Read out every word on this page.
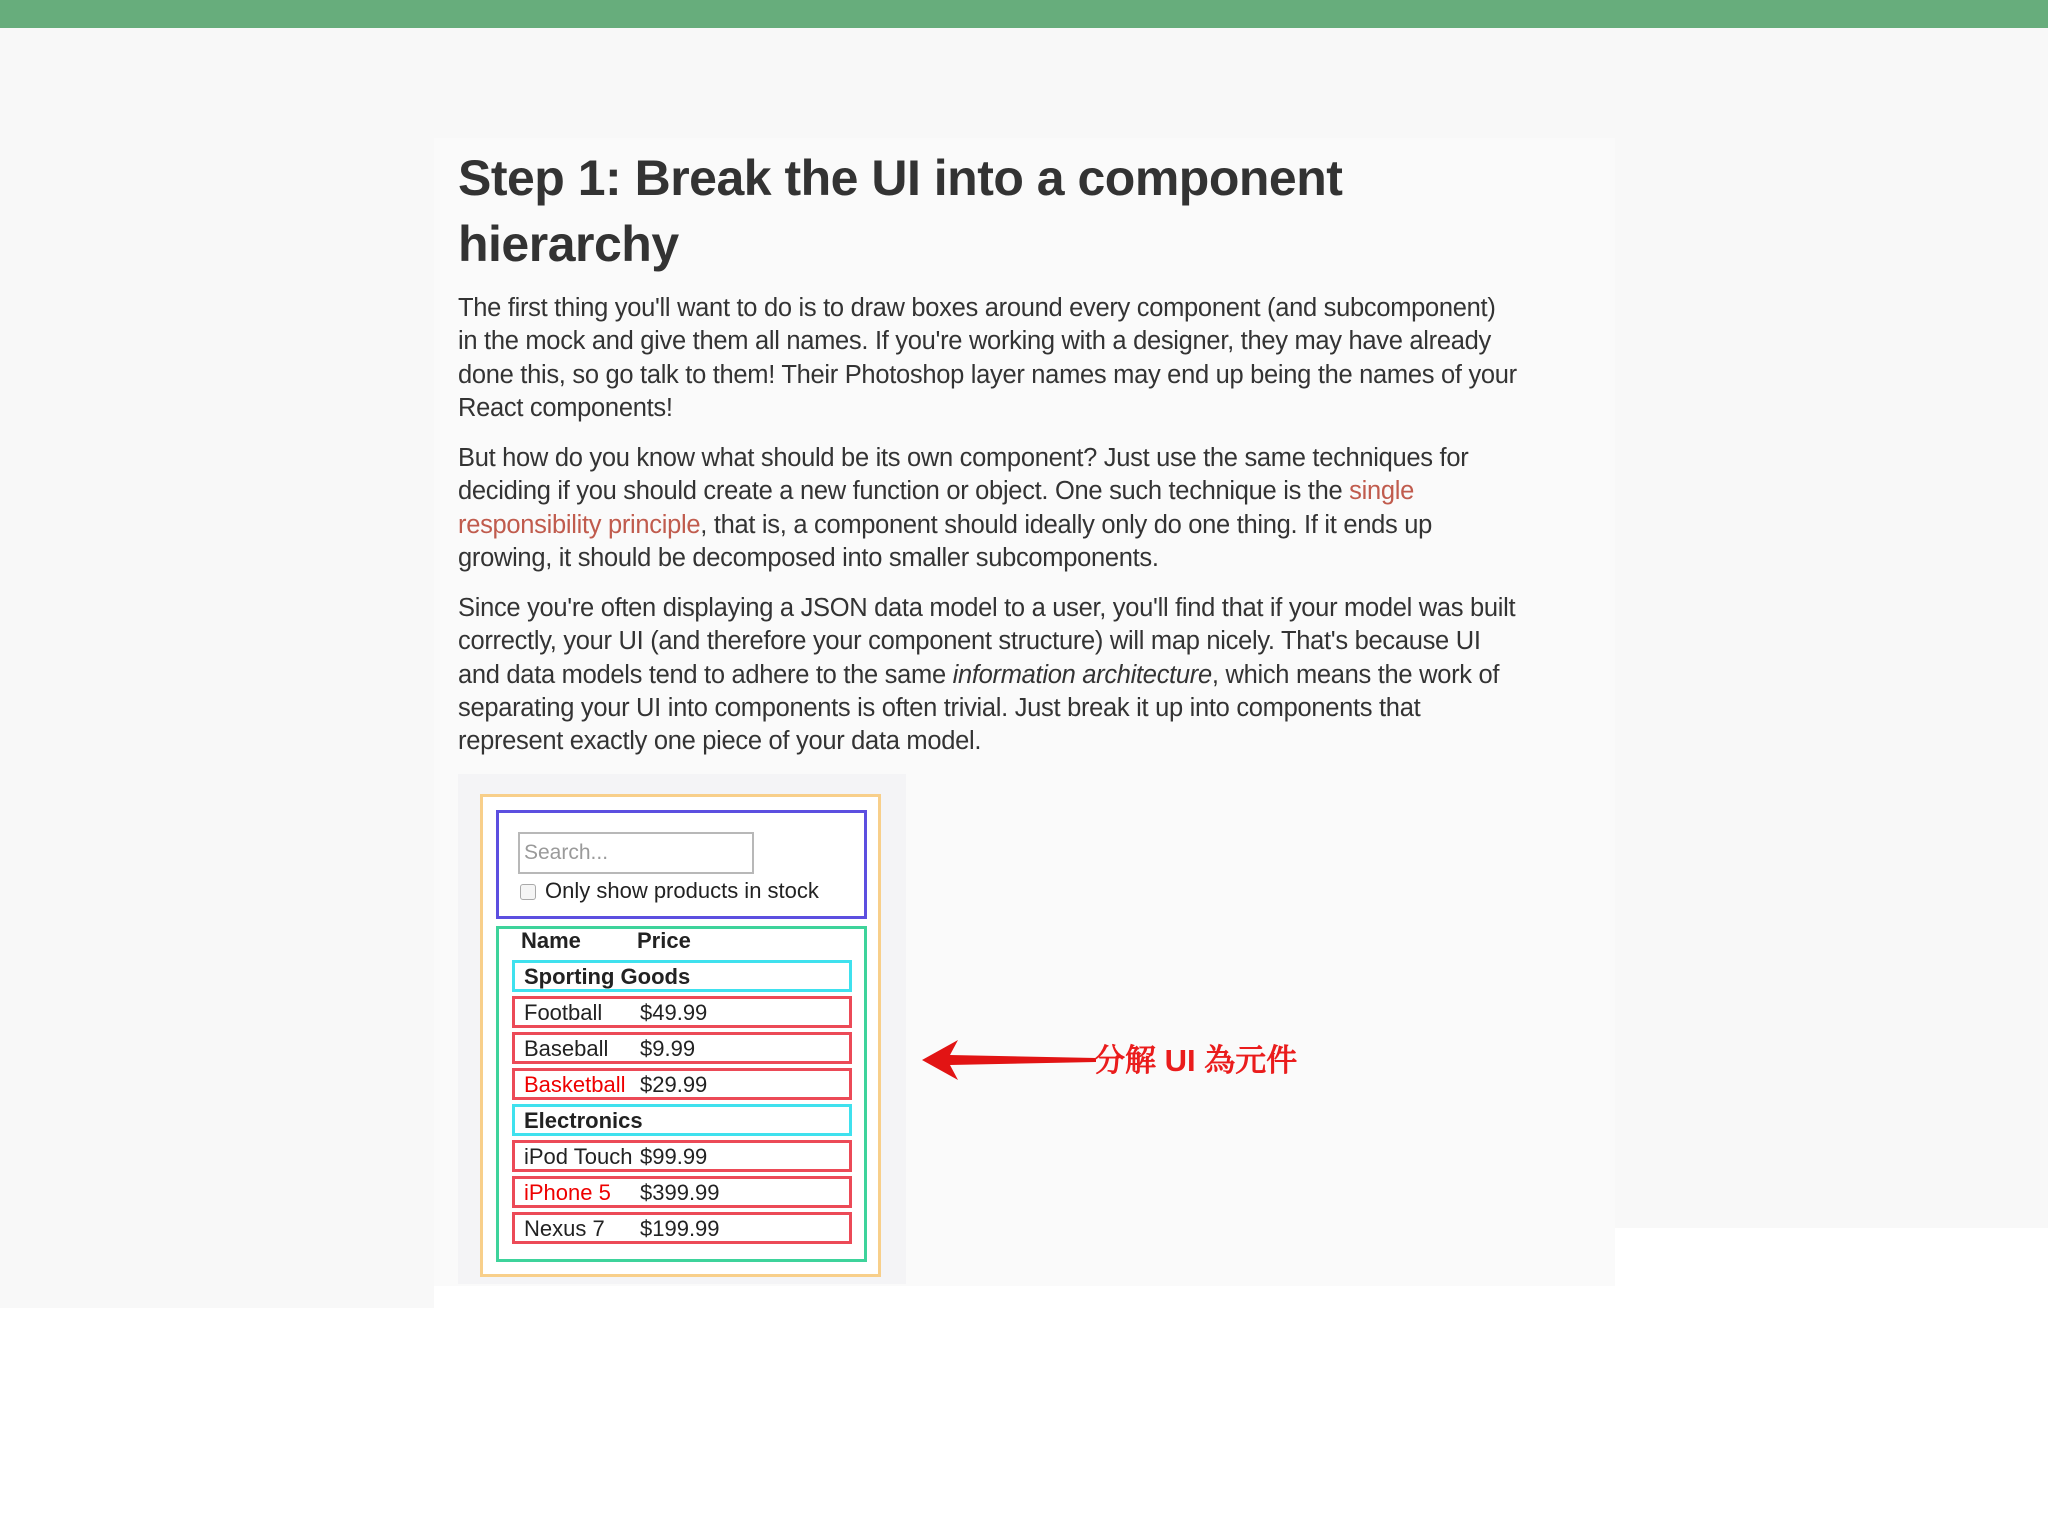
Step 1: Break the UI into a component hierarchy

The first thing you'll want to do is to draw boxes around every component (and subcomponent) in the mock and give them all names. If you're working with a designer, they may have already done this, so go talk to them! Their Photoshop layer names may end up being the names of your React components!

But how do you know what should be its own component? Just use the same techniques for deciding if you should create a new function or object. One such technique is the single responsibility principle, that is, a component should ideally only do one thing. If it ends up growing, it should be decomposed into smaller subcomponents.

Since you're often displaying a JSON data model to a user, you'll find that if your model was built correctly, your UI (and therefore your component structure) will map nicely. That's because UI and data models tend to adhere to the same information architecture, which means the work of separating your UI into components is often trivial. Just break it up into components that represent exactly one piece of your data model.

Search...
Only show products in stock
Name	Price
Sporting Goods
Football $49.99
Baseball $9.99
Basketball $29.99
Electronics
iPod Touch $99.99
iPhone 5 $399.99
Nexus 7 $199.99
分解 UI 為元件
